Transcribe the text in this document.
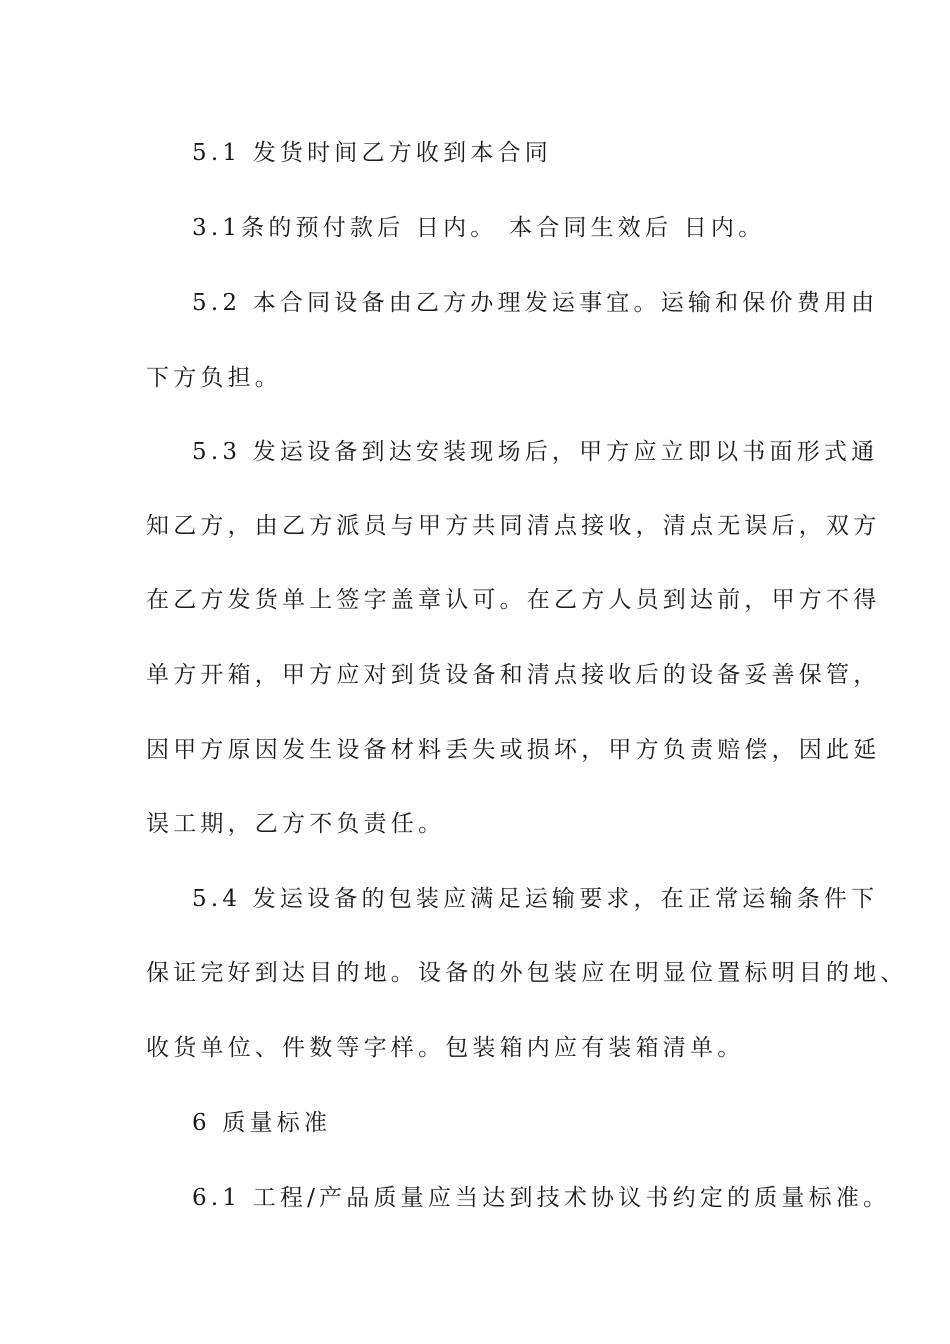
5.1 发货时间乙方收到本合同
3.1条的预付款后 日内。 本合同生效后 日内。
5.2 本合同设备由乙方办理发运事宜。运输和保价费用由
下方负担。
5.3 发运设备到达安装现场后，甲方应立即以书面形式通
知乙方，由乙方派员与甲方共同清点接收，清点无误后，双方
在乙方发货单上签字盖章认可。在乙方人员到达前，甲方不得
单方开箱，甲方应对到货设备和清点接收后的设备妥善保管，
因甲方原因发生设备材料丢失或损坏，甲方负责赔偿，因此延
误工期，乙方不负责任。
5.4 发运设备的包装应满足运输要求，在正常运输条件下
保证完好到达目的地。设备的外包装应在明显位置标明目的地、
收货单位、件数等字样。包装箱内应有装箱清单。
6 质量标准
6.1 工程/产品质量应当达到技术协议书约定的质量标准。
